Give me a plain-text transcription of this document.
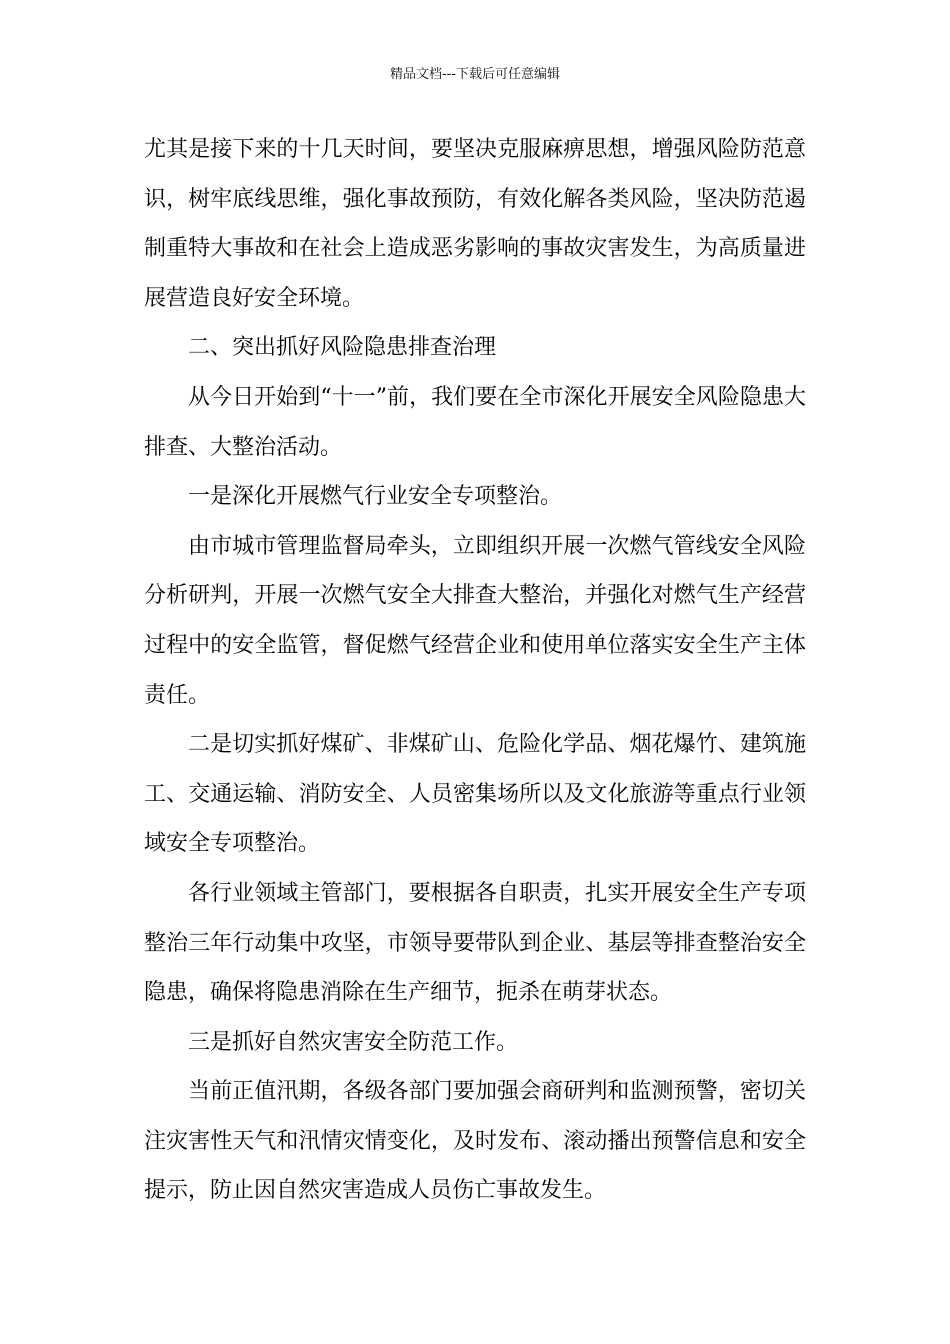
精品文档---下载后可任意编辑

尤其是接下来的十几天时间，要坚决克服麻痹思想，增强风险防范意识，树牢底线思维，强化事故预防，有效化解各类风险，坚决防范遏制重特大事故和在社会上造成恶劣影响的事故灾害发生，为高质量进展营造良好安全环境。

二、突出抓好风险隐患排查治理

从今日开始到“十一”前，我们要在全市深化开展安全风险隐患大排查、大整治活动。

一是深化开展燃气行业安全专项整治。

由市城市管理监督局牵头，立即组织开展一次燃气管线安全风险分析研判，开展一次燃气安全大排查大整治，并强化对燃气生产经营过程中的安全监管，督促燃气经营企业和使用单位落实安全生产主体责任。

二是切实抓好煤矿、非煤矿山、危险化学品、烟花爆竹、建筑施工、交通运输、消防安全、人员密集场所以及文化旅游等重点行业领域安全专项整治。

各行业领域主管部门，要根据各自职责，扎实开展安全生产专项整治三年行动集中攻坚，市领导要带队到企业、基层等排查整治安全隐患，确保将隐患消除在生产细节，扼杀在萌芽状态。

三是抓好自然灾害安全防范工作。

当前正值汛期，各级各部门要加强会商研判和监测预警，密切关注灾害性天气和汛情灾情变化，及时发布、滚动播出预警信息和安全提示，防止因自然灾害造成人员伤亡事故发生。
